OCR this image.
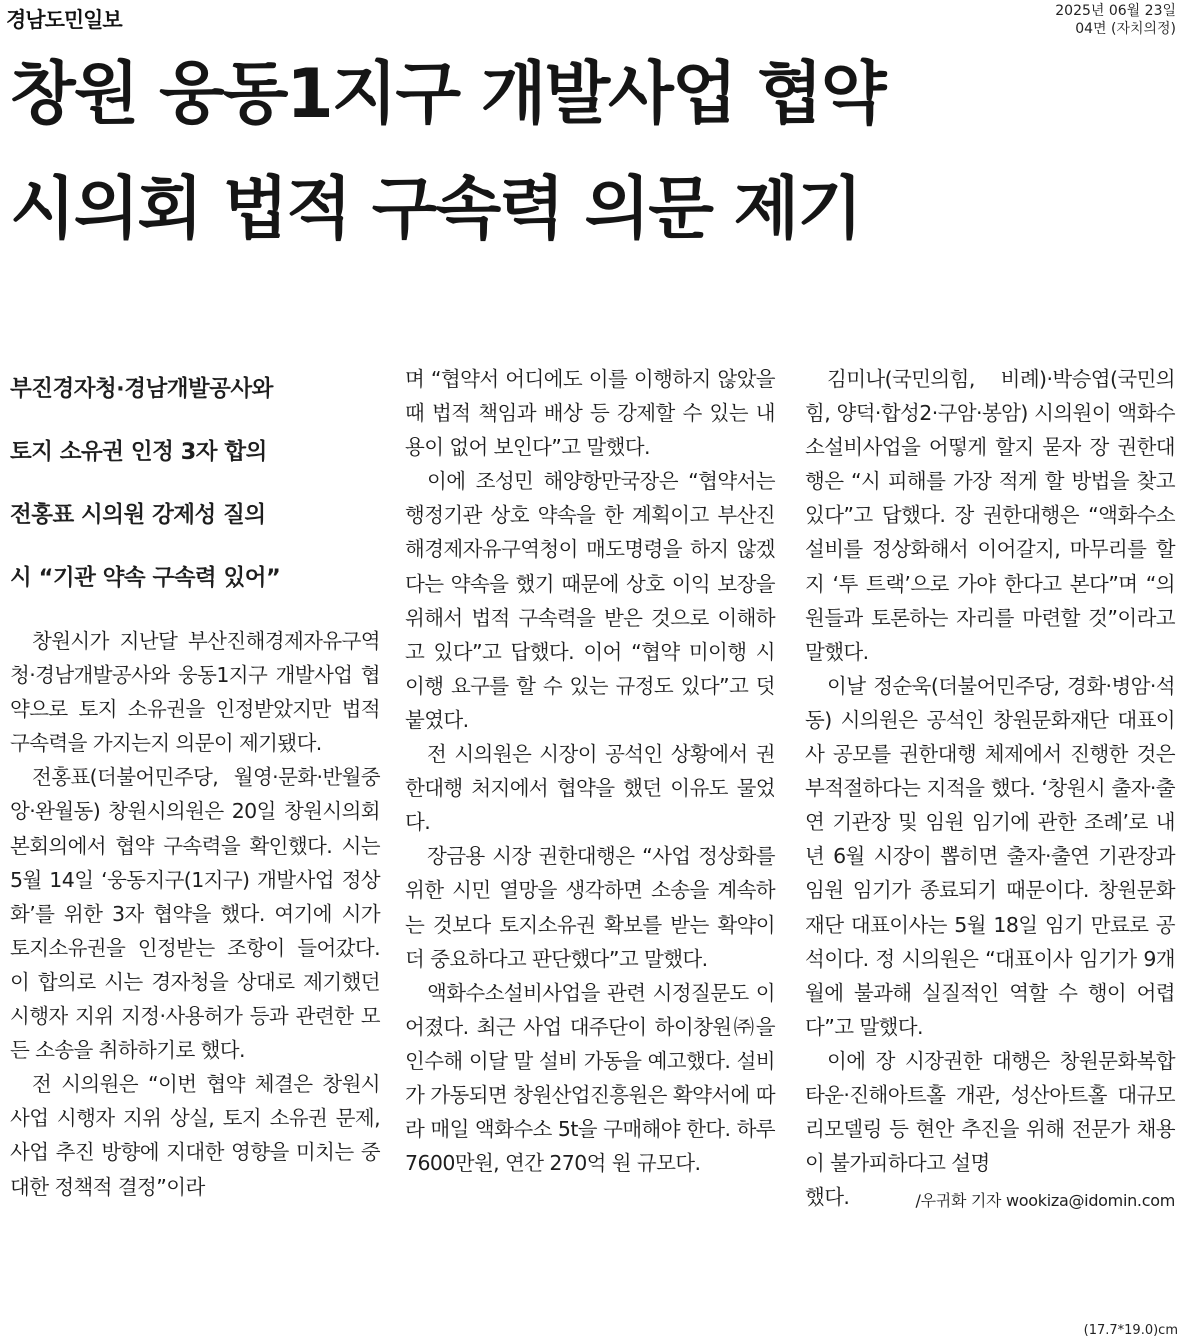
경남도민일보	2025년 06월 23일
04면 (자치의정)
창원 웅동1지구 개발사업 협약
시의회 법적 구속력 의문 제기
부진경자청·경남개발공사와
토지 소유권 인정 3자 합의
전홍표 시의원 강제성 질의
시 “기관 약속 구속력 있어”

창원시가 지난달 부산진해경제자유구역청·경남개발공사와 웅동1지구 개발사업 협약으로 토지 소유권을 인정받았지만 법적 구속력을 가지는지 의문이 제기됐다.

전홍표(더불어민주당, 월영·문화·반월중앙·완월동) 창원시의원은 20일 창원시의회 본회의에서 협약 구속력을 확인했다. 시는 5월 14일 ‘웅동지구(1지구) 개발사업 정상화’를 위한 3자 협약을 했다. 여기에 시가 토지소유권을 인정받는 조항이 들어갔다. 이 합의로 시는 경자청을 상대로 제기했던 시행자 지위 지정·사용허가 등과 관련한 모든 소송을 취하하기로 했다.

전 시의원은 “이번 협약 체결은 창원시 사업 시행자 지위 상실, 토지 소유권 문제, 사업 추진 방향에 지대한 영향을 미치는 중대한 정책적 결정”이라

며 “협약서 어디에도 이를 이행하지 않았을 때 법적 책임과 배상 등 강제할 수 있는 내용이 없어 보인다”고 말했다.

이에 조성민 해양항만국장은 “협약서는 행정기관 상호 약속을 한 계획이고 부산진해경제자유구역청이 매도명령을 하지 않겠다는 약속을 했기 때문에 상호 이익 보장을 위해서 법적 구속력을 받은 것으로 이해하고 있다”고 답했다. 이어 “협약 미이행 시 이행 요구를 할 수 있는 규정도 있다”고 덧붙였다.

전 시의원은 시장이 공석인 상황에서 권한대행 처지에서 협약을 했던 이유도 물었다.

장금용 시장 권한대행은 “사업 정상화를 위한 시민 열망을 생각하면 소송을 계속하는 것보다 토지소유권 확보를 받는 확약이 더 중요하다고 판단했다”고 말했다.

액화수소설비사업을 관련 시정질문도 이어졌다. 최근 사업 대주단이 하이창원㈜을 인수해 이달 말 설비 가동을 예고했다. 설비가 가동되면 창원산업진흥원은 확약서에 따라 매일 액화수소 5t을 구매해야 한다. 하루 7600만원, 연간 270억 원 규모다.

김미나(국민의힘, 비례)·박승엽(국민의힘, 양덕·합성2·구암·봉암) 시의원이 액화수소설비사업을 어떻게 할지 묻자 장 권한대행은 “시 피해를 가장 적게 할 방법을 찾고 있다”고 답했다. 장 권한대행은 “액화수소설비를 정상화해서 이어갈지, 마무리를 할지 ‘투 트랙’으로 가야 한다고 본다”며 “의원들과 토론하는 자리를 마련할 것”이라고 말했다.

이날 정순욱(더불어민주당, 경화·병암·석동) 시의원은 공석인 창원문화재단 대표이사 공모를 권한대행 체제에서 진행한 것은 부적절하다는 지적을 했다. ‘창원시 출자·출연 기관장 및 임원 임기에 관한 조례’로 내년 6월 시장이 뽑히면 출자·출연 기관장과 임원 임기가 종료되기 때문이다. 창원문화재단 대표이사는 5월 18일 임기 만료로 공석이다. 정 시의원은 “대표이사 임기가 9개월에 불과해 실질적인 역할 수 행이 어렵다”고 말했다.

이에 장 시장권한 대행은 창원문화복합타운·진해아트홀 개관, 성산아트홀 대규모 리모델링 등 현안 추진을 위해 전문가 채용이 불가피하다고 설명

했다.	/우귀화 기자 wookiza@idomin.com
(17.7*19.0)cm
